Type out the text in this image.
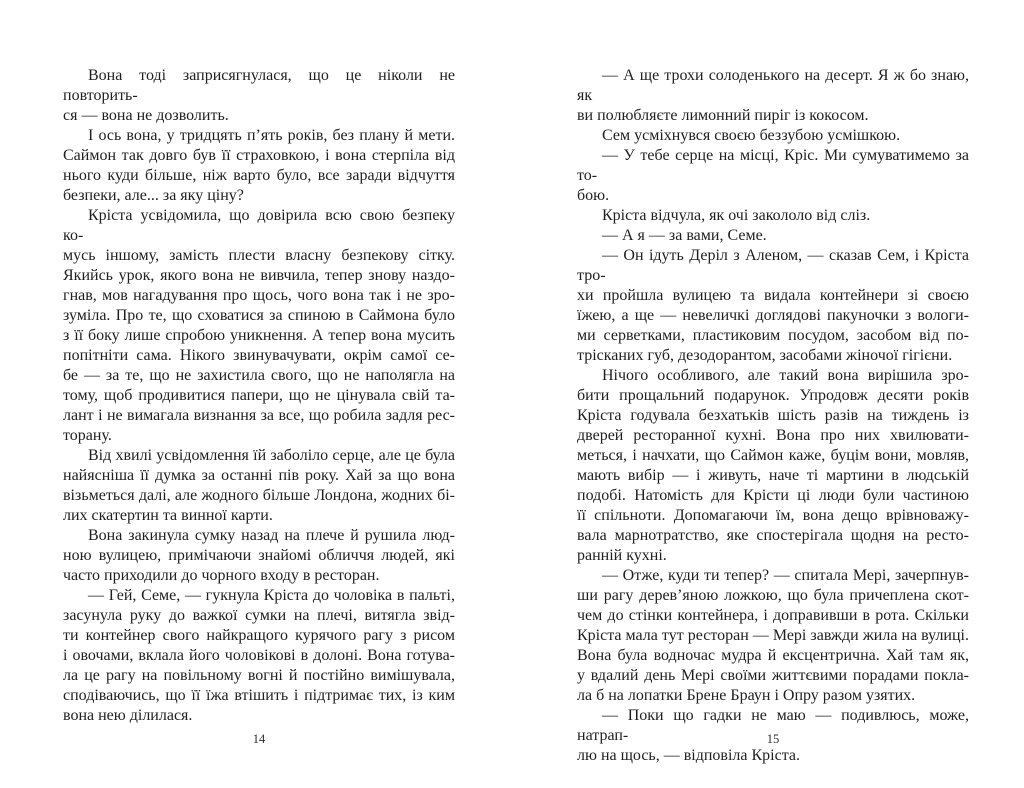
Вона тоді заприсягнулася, що це ніколи не повторить-
ся — вона не дозволить.
І ось вона, у тридцять п’ять років, без плану й мети.
Саймон так довго був її страховкою, і вона стерпіла від
нього куди більше, ніж варто було, все заради відчуття
безпеки, але... за яку ціну?
Кріста усвідомила, що довірила всю свою безпеку ко-
мусь іншому, замість плести власну безпекову сітку.
Якийсь урок, якого вона не вивчила, тепер знову наздо-
гнав, мов нагадування про щось, чого вона так і не зро-
зуміла. Про те, що сховатися за спиною в Саймона було
з її боку лише спробою уникнення. А тепер вона мусить
попітніти сама. Нікого звинувачувати, окрім самої се-
бе — за те, що не захистила свого, що не наполягла на
тому, щоб продивитися папери, що не цінувала свій та-
лант і не вимагала визнання за все, що робила задля рес-
торану.
Від хвилі усвідомлення їй заболіло серце, але це була
найясніша її думка за останні пів року. Хай за що вона
візьметься далі, але жодного більше Лондона, жодних бі-
лих скатертин та винної карти.
Вона закинула сумку назад на плече й рушила люд-
ною вулицею, примічаючи знайомі обличчя людей, які
часто приходили до чорного входу в ресторан.
— Гей, Семе, — гукнула Кріста до чоловіка в пальті,
засунула руку до важкої сумки на плечі, витягла звід-
ти контейнер свого найкращого курячого рагу з рисом
і овочами, вклала його чоловікові в долоні. Вона готува-
ла це рагу на повільному вогні й постійно вимішувала,
сподіваючись, що її їжа втішить і підтримає тих, із ким
вона нею ділилася.
— А ще трохи солоденького на десерт. Я ж бо знаю, як
ви полюбляєте лимонний пиріг із кокосом.
Сем усміхнувся своєю беззубою усмішкою.
— У тебе серце на місці, Кріс. Ми сумуватимемо за то-
бою.
Кріста відчула, як очі закололо від сліз.
— А я — за вами, Семе.
— Он ідуть Деріл з Аленом, — сказав Сем, і Кріста тро-
хи пройшла вулицею та видала контейнери зі своєю
їжею, а ще — невеличкі доглядові пакуночки з вологи-
ми серветками, пластиковим посудом, засобом від по-
трісканих губ, дезодорантом, засобами жіночої гігієни.
Нічого особливого, але такий вона вирішила зро-
бити прощальний подарунок. Упродовж десяти років
Кріста годувала безхатьків шість разів на тиждень із
дверей ресторанної кухні. Вона про них хвилювати-
меться, і начхати, що Саймон каже, буцім вони, мовляв,
мають вибір — і живуть, наче ті мартини в людській
подобі. Натомість для Крісти ці люди були частиною
її спільноти. Допомагаючи їм, вона дещо врівноважу-
вала марнотратство, яке спостерігала щодня на ресто-
ранній кухні.
— Отже, куди ти тепер? — спитала Мері, зачерпнув-
ши рагу дерев’яною ложкою, що була причеплена скот-
чем до стінки контейнера, і доправивши в рота. Скільки
Кріста мала тут ресторан — Мері завжди жила на вулиці.
Вона була водночас мудра й ексцентрична. Хай там як,
у вдалий день Мері своїми життєвими порадами покла-
ла б на лопатки Брене Браун і Опру разом узятих.
— Поки що гадки не маю — подивлюсь, може, натрап-
лю на щось, — відповіла Кріста.
14	15
